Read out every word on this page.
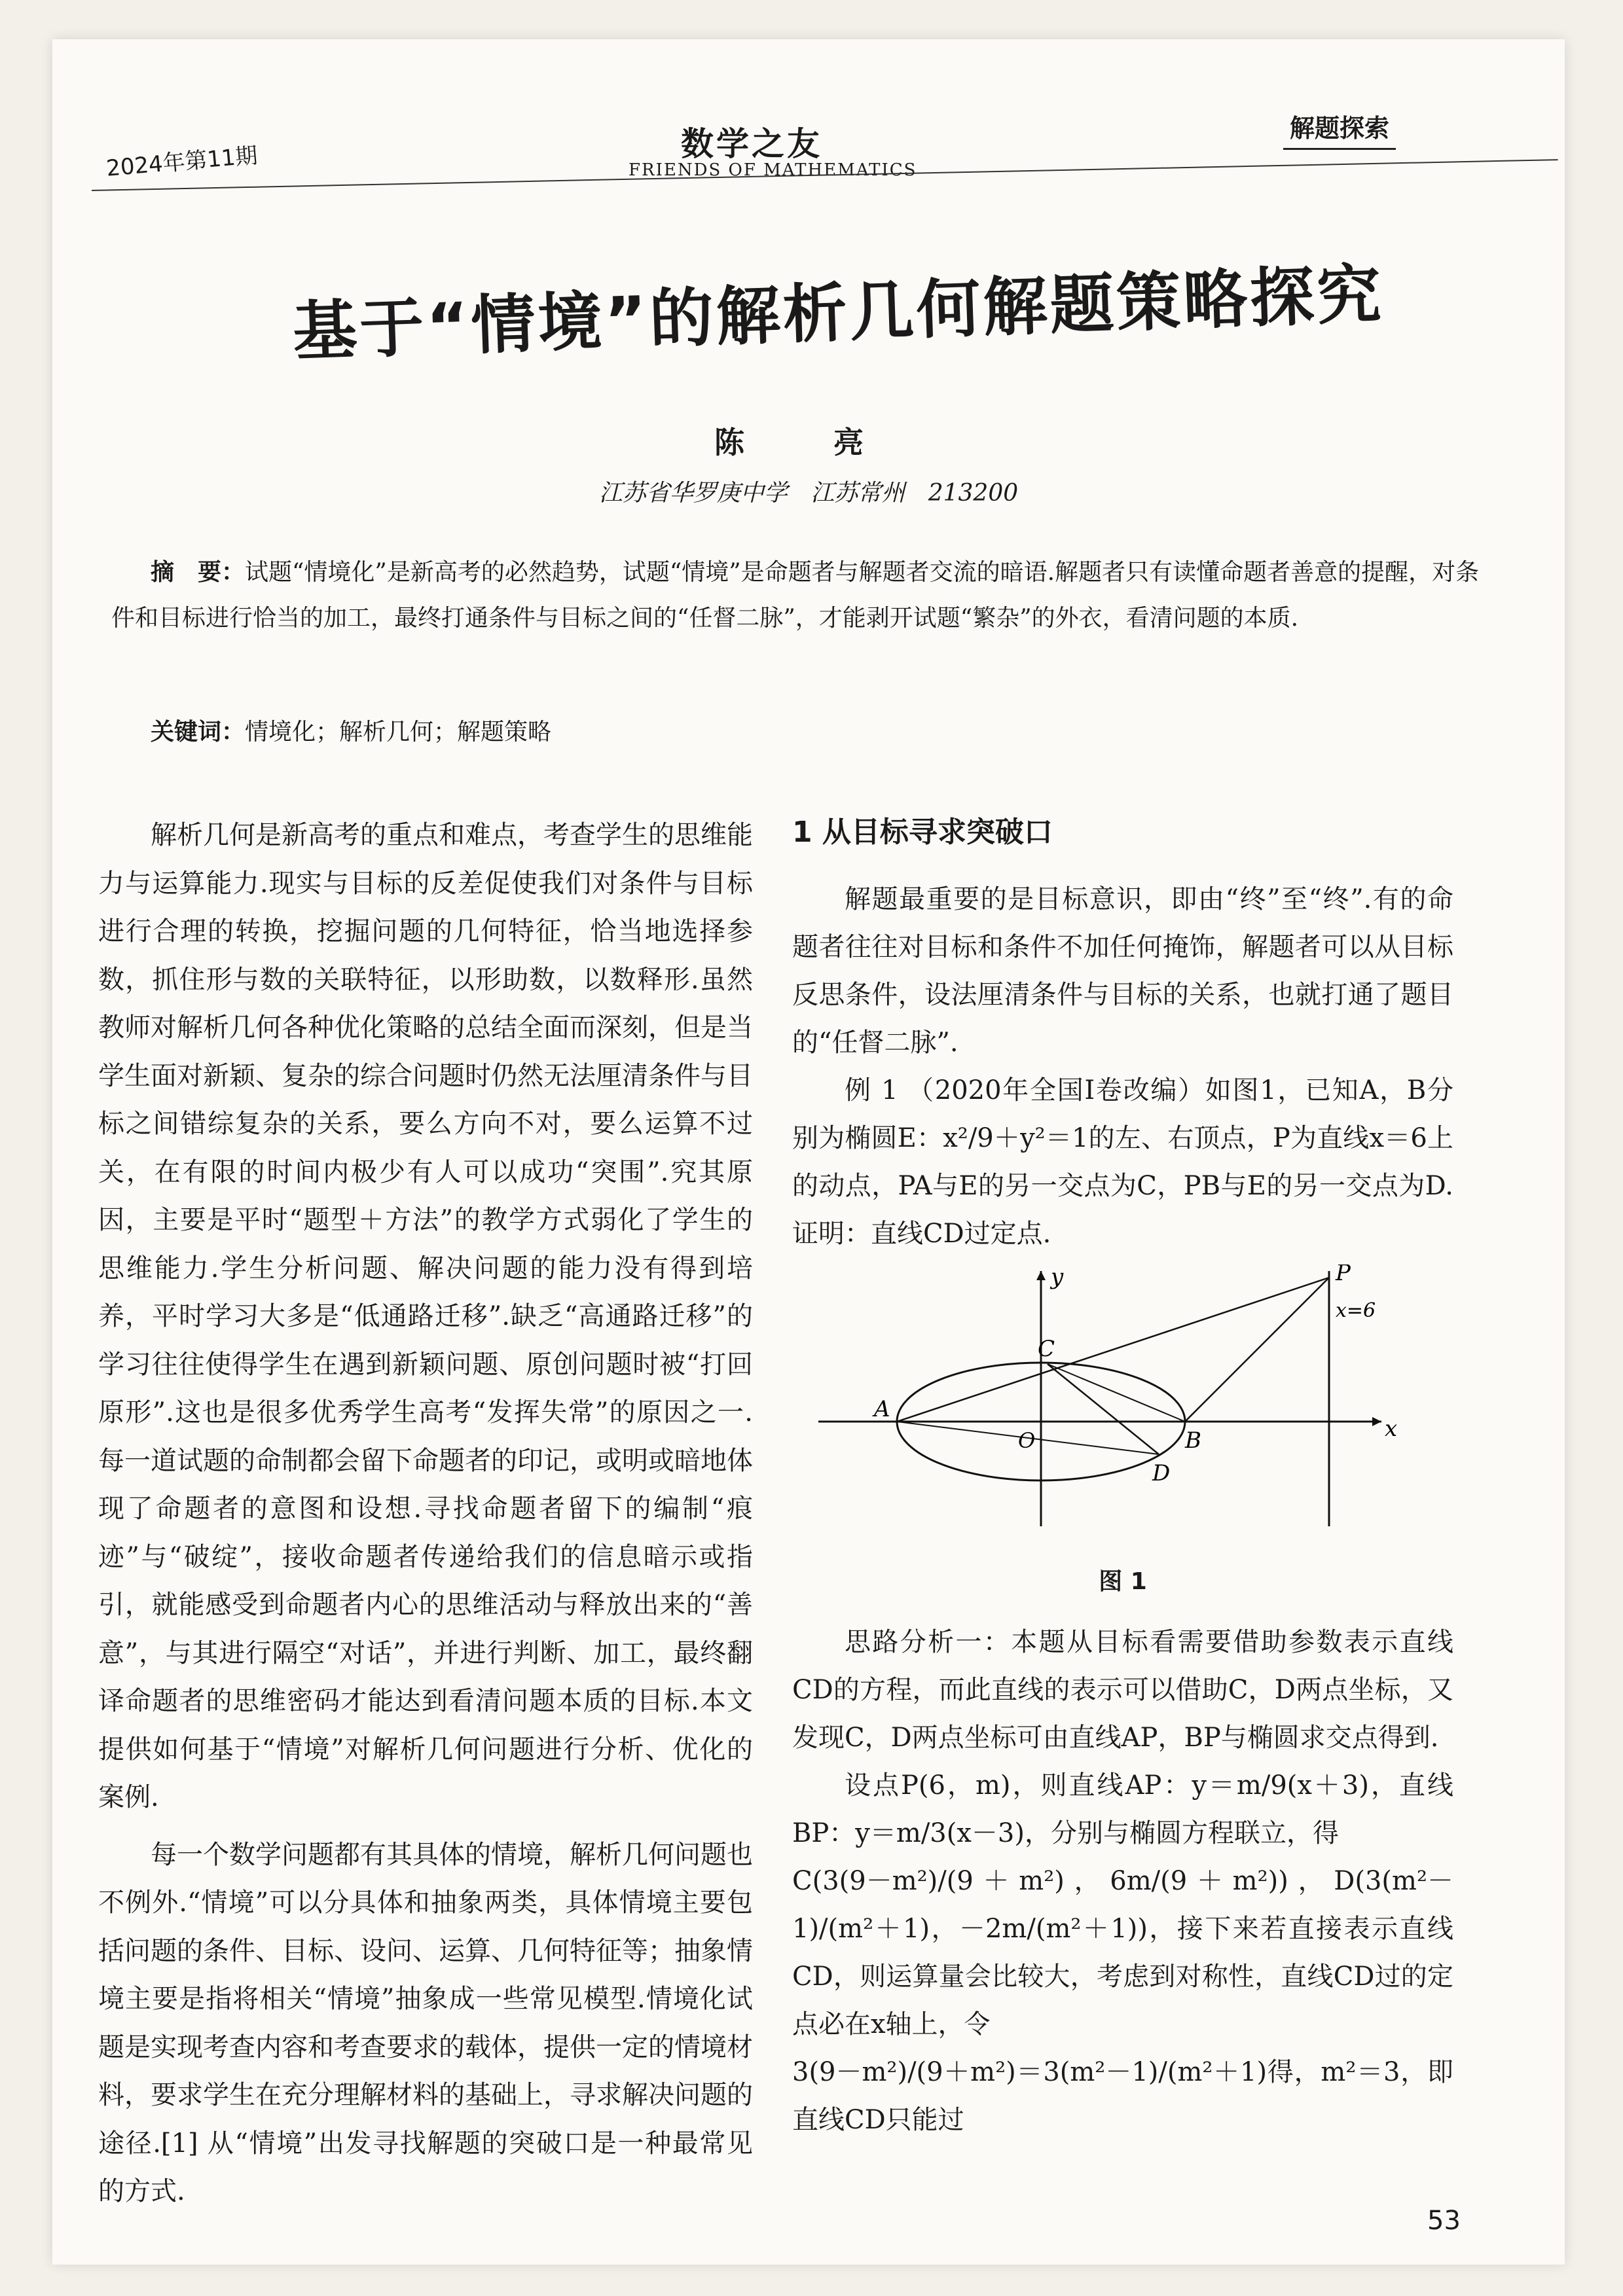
2024年第11期	数学之友
FRIENDS OF MATHEMATICS
解题探索
基于“情境”的解析几何解题策略探究
陈 亮
江苏省华罗庚中学 江苏常州 213200
摘　要：试题“情境化”是新高考的必然趋势，试题“情境”是命题者与解题者交流的暗语.解题者只有读懂命题者善意的提醒，对条件和目标进行恰当的加工，最终打通条件与目标之间的“任督二脉”，才能剥开试题“繁杂”的外衣，看清问题的本质.
关键词：情境化；解析几何；解题策略

解析几何是新高考的重点和难点，考查学生的思维能力与运算能力.现实与目标的反差促使我们对条件与目标进行合理的转换，挖掘问题的几何特征，恰当地选择参数，抓住形与数的关联特征，以形助数，以数释形.虽然教师对解析几何各种优化策略的总结全面而深刻，但是当学生面对新颖、复杂的综合问题时仍然无法厘清条件与目标之间错综复杂的关系，要么方向不对，要么运算不过关，在有限的时间内极少有人可以成功“突围”.究其原因，主要是平时“题型＋方法”的教学方式弱化了学生的思维能力.学生分析问题、解决问题的能力没有得到培养，平时学习大多是“低通路迁移”.缺乏“高通路迁移”的学习往往使得学生在遇到新颖问题、原创问题时被“打回原形”.这也是很多优秀学生高考“发挥失常”的原因之一.每一道试题的命制都会留下命题者的印记，或明或暗地体现了命题者的意图和设想.寻找命题者留下的编制“痕迹”与“破绽”，接收命题者传递给我们的信息暗示或指引，就能感受到命题者内心的思维活动与释放出来的“善意”，与其进行隔空“对话”，并进行判断、加工，最终翻译命题者的思维密码才能达到看清问题本质的目标.本文提供如何基于“情境”对解析几何问题进行分析、优化的案例.

每一个数学问题都有其具体的情境，解析几何问题也不例外.“情境”可以分具体和抽象两类，具体情境主要包括问题的条件、目标、设问、运算、几何特征等；抽象情境主要是指将相关“情境”抽象成一些常见模型.情境化试题是实现考查内容和考查要求的载体，提供一定的情境材料，要求学生在充分理解材料的基础上，寻求解决问题的途径.[1] 从“情境”出发寻找解题的突破口是一种最常见的方式.

1 从目标寻求突破口

解题最重要的是目标意识，即由“终”至“终”.有的命题者往往对目标和条件不加任何掩饰，解题者可以从目标反思条件，设法厘清条件与目标的关系，也就打通了题目的“任督二脉”.

例 1 （2020年全国Ⅰ卷改编）如图1，已知A，B分别为椭圆E：x²/9＋y²＝1的左、右顶点，P为直线x＝6上的动点，PA与E的另一交点为C，PB与E的另一交点为D.证明：直线CD过定点.

y
x
O
A
B
C
D
P
x=6
图 1

思路分析一：本题从目标看需要借助参数表示直线CD的方程，而此直线的表示可以借助C，D两点坐标，又发现C，D两点坐标可由直线AP，BP与椭圆求交点得到.

设点P(6，m)，则直线AP：y＝m/9(x＋3)，直线BP：y＝m/3(x－3)，分别与椭圆方程联立，得

C(3(9－m²)/(9＋m²)，6m/(9＋m²))，D(3(m²－1)/(m²＋1)，－2m/(m²＋1))，接下来若直接表示直线CD，则运算量会比较大，考虑到对称性，直线CD过的定点必在x轴上，令

3(9－m²)/(9＋m²)＝3(m²－1)/(m²＋1)得，m²＝3，即直线CD只能过

53
